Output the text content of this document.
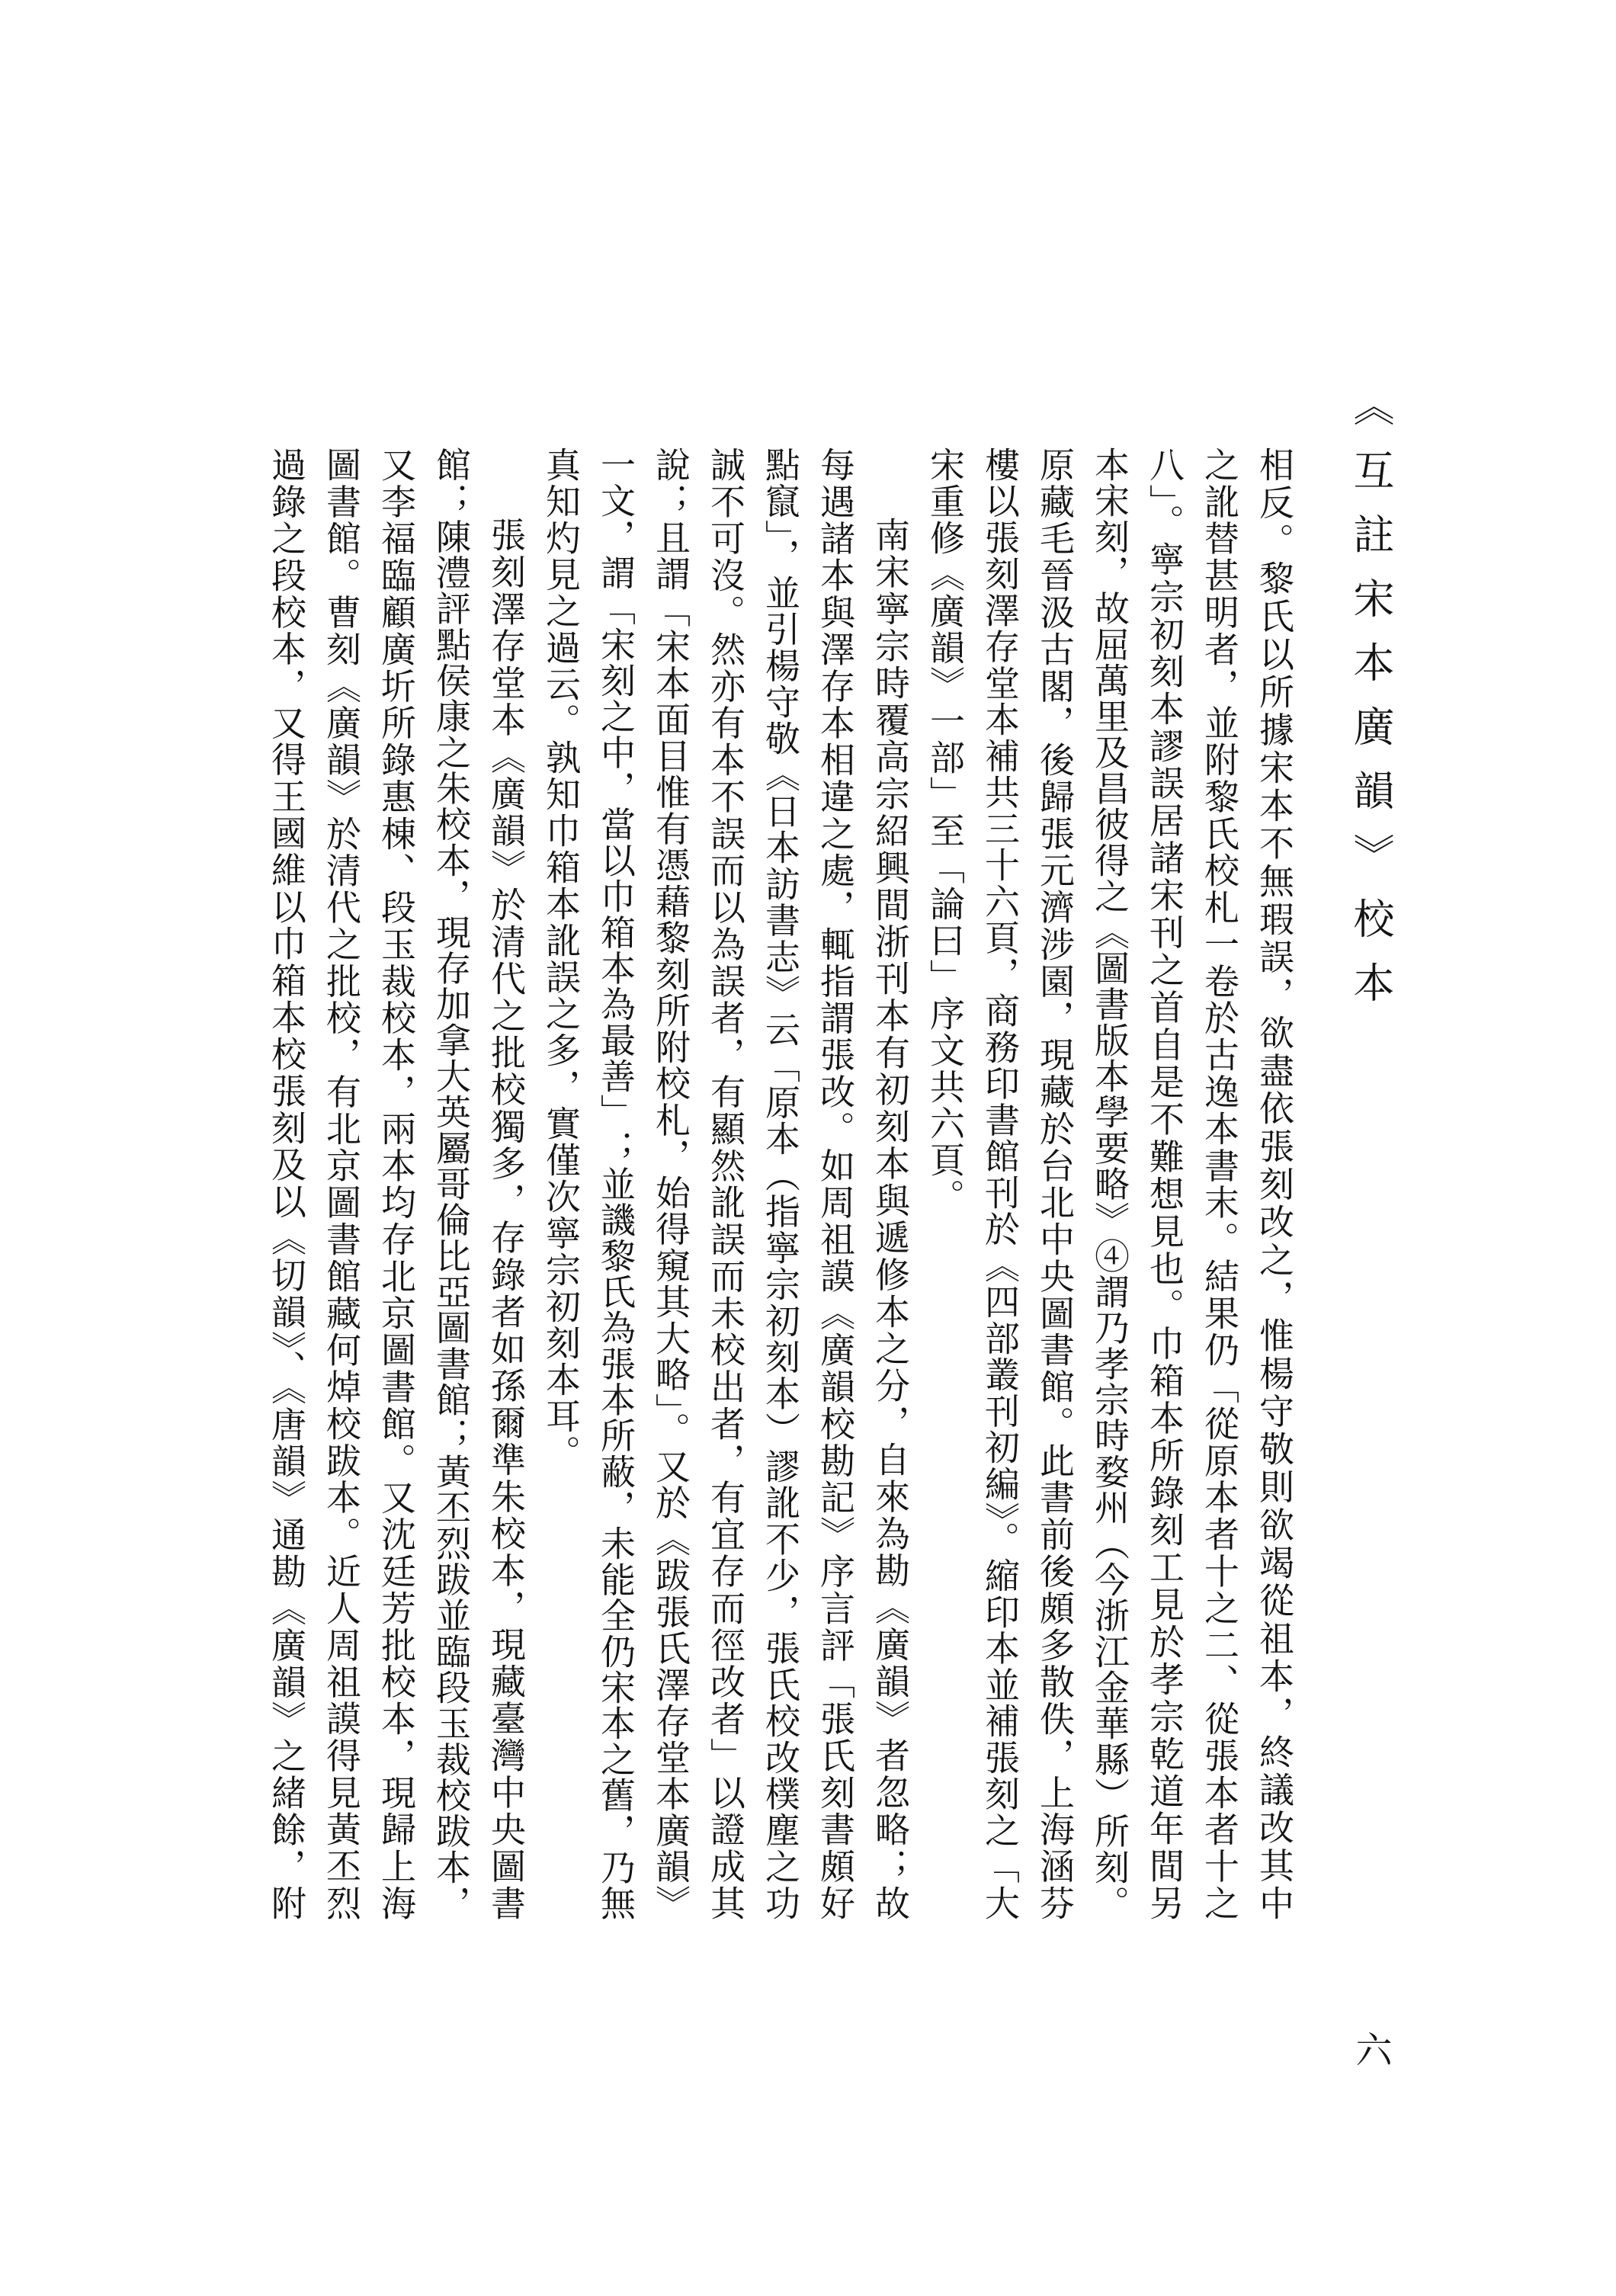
《互註宋本廣韻》校本
相反。黎氏以所據宋本不無瑕誤，欲盡依張刻改之，惟楊守敬則欲竭從祖本，終議改其中
之訛替甚明者，並附黎氏校札一卷於古逸本書末。結果仍「從原本者十之二、從張本者十之
八」。寧宗初刻本謬誤居諸宋刊之首自是不難想見也。巾箱本所錄刻工見於孝宗乾道年間另
本宋刻，故屈萬里及昌彼得之《圖書版本學要略》④謂乃孝宗時婺州（今浙江金華縣）所刻。
原藏毛晉汲古閣，後歸張元濟涉園，現藏於台北中央圖書館。此書前後頗多散佚，上海涵芬
樓以張刻澤存堂本補共三十六頁，商務印書館刊於《四部叢刊初編》。縮印本並補張刻之「大
宋重修《廣韻》一部」至「論曰」序文共六頁。
南宋寧宗時覆高宗紹興間浙刊本有初刻本與遞修本之分，自來為勘《廣韻》者忽略；故
每遇諸本與澤存本相違之處，輒指謂張改。如周祖謨《廣韻校勘記》序言評「張氏刻書頗好
點竄」，並引楊守敬《日本訪書志》云「原本（指寧宗初刻本）謬訛不少，張氏校改樸塵之功
誠不可沒。然亦有本不誤而以為誤者，有顯然訛誤而未校出者，有宜存而徑改者」以證成其
說；且謂「宋本面目惟有憑藉黎刻所附校札，始得窺其大略」。又於《跋張氏澤存堂本廣韻》
一文，謂「宋刻之中，當以巾箱本為最善」；並譏黎氏為張本所蔽，未能全仍宋本之舊，乃無
真知灼見之過云。孰知巾箱本訛誤之多，實僅次寧宗初刻本耳。
張刻澤存堂本《廣韻》於清代之批校獨多，存錄者如孫爾準朱校本，現藏臺灣中央圖書
館；陳澧評點侯康之朱校本，現存加拿大英屬哥倫比亞圖書館；黃丕烈跋並臨段玉裁校跋本，
又李福臨顧廣圻所錄惠棟、段玉裁校本，兩本均存北京圖書館。又沈廷芳批校本，現歸上海
圖書館。曹刻《廣韻》於清代之批校，有北京圖書館藏何焯校跋本。近人周祖謨得見黃丕烈
過錄之段校本，又得王國維以巾箱本校張刻及以《切韻》、《唐韻》通勘《廣韻》之緒餘，附
六
